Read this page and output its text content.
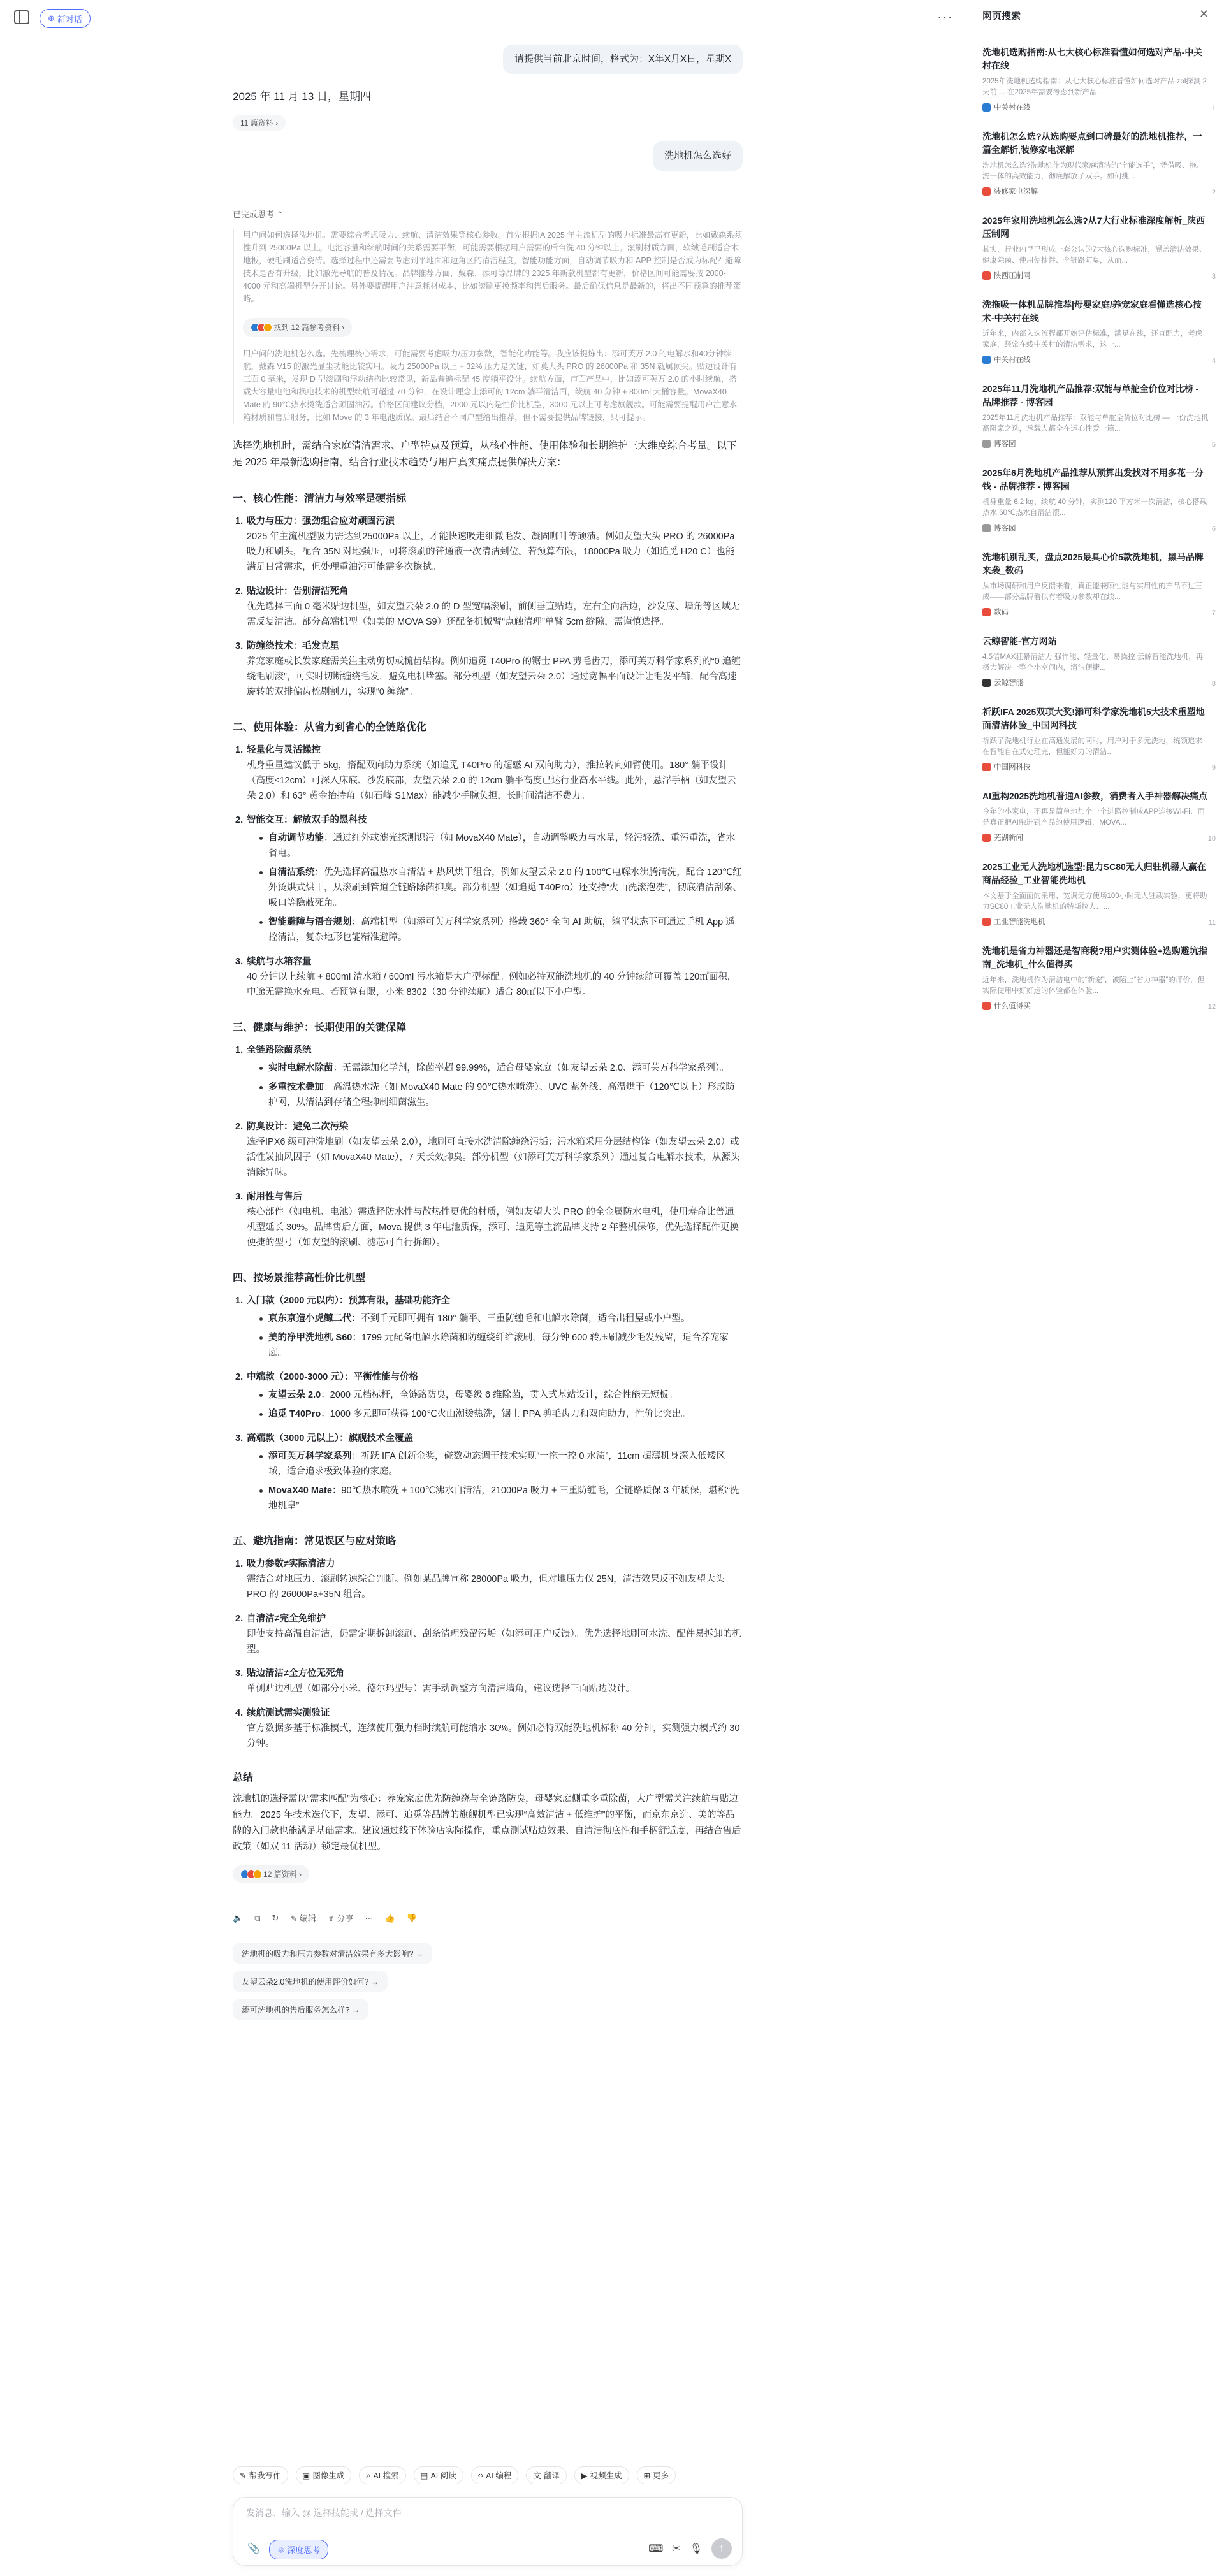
⊕ 新对话	···
请提供当前北京时间，格式为：X年X月X日，星期X
2025 年 11 月 13 日，星期四
11 篇资料 ›
洗地机怎么选好
已完成思考 ⌃

用户问如何选择洗地机。需要综合考虑吸力、续航、清洁效果等核心参数。首先根据IA 2025 年主流机型的吸力标准最高有更新，比如戴森系须性升到 25000Pa 以上。电池容量和续航时间的关系需要平衡，可能需要根据用户需要的后台洗 40 分钟以上。滚刷材质方面，软绒毛刷适合木地板，硬毛刷适合瓷砖。选择过程中还需要考虑到平地面和边角区的清洁程度，智能功能方面，自动调节吸力和 APP 控制是否成为标配？避障技术是否有升级，比如激光导航的普及情况。品牌推荐方面，戴森、添可等品牌的 2025 年新款机型都有更新，价格区间可能需要按 2000-4000 元和高端机型分开讨论。另外要提醒用户注意耗材成本，比如滚刷更换频率和售后服务。最后确保信息是最新的，将出不同预算的推荐策略。

找到 12 篇参考资料 ›

用户问的洗地机怎么选。先梳理核心需求，可能需要考虑吸力/压力参数，智能化功能等。我应该提炼出：添可芙万 2.0 的电解水和40分钟续航，戴森 V15 的激光显尘功能比较实用。吸力 25000Pa 以上 + 32% 压力是关键，如莫大头 PRO 的 26000Pa 和 35N 就属顶尖。贴边设计有三面 0 毫米，发现 D 型滚刷和浮动结构比较常见，新品普遍标配 45 度躺平设计。续航方面，市面产品中，比如添可芙万 2.0 的小时续航，搭载大容量电池和换电技术的机型续航可超过 70 分钟，在设计理念上添可的 12cm 躺平清洁面，续航 40 分钟 + 800ml 大桶容量。MovaX40 Mate 的 90℃热水烫洗适合顽固油污。价格区间建议分档，2000 元以内是性价比机型，3000 元以上可考虑旗舰款。可能需要提醒用户注意水箱材质和售后服务，比如 Move 的 3 年电池质保。最后结合不同户型给出推荐，但不需要提供品牌链接，只可提示。

选择洗地机时，需结合家庭清洁需求、户型特点及预算，从核心性能、使用体验和长期维护三大维度综合考量。以下是 2025 年最新选购指南，结合行业技术趋势与用户真实痛点提供解决方案：
一、核心性能：清洁力与效率是硬指标
1. 吸力与压力：强劲组合应对顽固污渍
2025 年主流机型吸力需达到25000Pa 以上，才能快速吸走细微毛发、凝固咖啡等顽渍。例如友望大头 PRO 的 26000Pa 吸力和刷头，配合 35N 对地强压，可将滚刷的普通液一次清洁到位。若预算有限，18000Pa 吸力（如追觅 H20 C）也能满足日常需求，但处理重油污可能需多次擦拭。
2. 贴边设计：告别清洁死角
优先选择三面 0 毫米贴边机型，如友望云朵 2.0 的 D 型宽幅滚刷，前侧垂直贴边，左右全向活边，沙发底、墙角等区域无需反复清洁。部分高端机型（如美的 MOVA S9）还配备机械臂“点触清理”单臂 5cm 缝隙，需谨慎选择。
3. 防缠绕技术：毛发克星
养宠家庭或长发家庭需关注主动剪切或梳齿结构。例如追觅 T40Pro 的锯士 PPA 剪毛齿刀，添可芙万科学家系列的“0 追缠绕毛刷滚”，可实时切断缠绕毛发，避免电机堵塞。部分机型（如友望云朵 2.0）通过宽幅平面设计让毛发平铺，配合高速旋转的双排偏齿梳剔割刀，实现“0 缠绕”。
二、使用体验：从省力到省心的全链路优化
1. 轻量化与灵活操控
机身重量建议低于 5kg，搭配双向助力系统（如追觅 T40Pro 的超感 AI 双向助力），推拉转向如臂使用。180° 躺平设计（高度≤12cm）可深入床底、沙发底部，友望云朵 2.0 的 12cm 躺平高度已达行业高水平线。此外，悬浮手柄（如友望云朵 2.0）和 63° 黄金抬持角（如石峰 S1Max）能减少手腕负担，长时间清洁不费力。
2. 智能交互：解放双手的黑科技
自动调节功能：通过红外或滤光探测识污（如 MovaX40 Mate），自动调整吸力与水量，轻污轻洗、重污重洗，省水省电。
自清洁系统：优先选择高温热水自清洁 + 热风烘干组合，例如友望云朵 2.0 的 100℃电解水沸腾清洗，配合 120℃红外烫烘式烘干，从滚刷到管道全链路除菌抑臭。部分机型（如追觅 T40Pro）还支持“火山洗滚泡洗”，彻底清洁刮条、吸口等隐蔽死角。
智能避障与语音规划：高端机型（如添可芙万科学家系列）搭载 360° 全向 AI 助航，躺平状态下可通过手机 App 遥控清洁，复杂地形也能精准避障。
3. 续航与水箱容量
40 分钟以上续航 + 800ml 清水箱 / 600ml 污水箱是大户型标配。例如必特双能洗地机的 40 分钟续航可覆盖 120㎡面积，中途无需换水充电。若预算有限，小米 8302（30 分钟续航）适合 80㎡以下小户型。
三、健康与维护：长期使用的关键保障
1. 全链路除菌系统
实时电解水除菌：无需添加化学剂，除菌率超 99.99%，适合母婴家庭（如友望云朵 2.0、添可芙万科学家系列）。
多重技术叠加：高温热水洗（如 MovaX40 Mate 的 90℃热水喷洗）、UVC 紫外线、高温烘干（120℃以上）形成防护网，从清洁到存储全程抑制细菌滋生。
2. 防臭设计：避免二次污染
选择IPX6 级可冲洗地刷（如友望云朵 2.0），地刷可直接水洗清除缠绕污垢；污水箱采用分层结构锋（如友望云朵 2.0）或活性炭抽风因子（如 MovaX40 Mate），7 天长效抑臭。部分机型（如添可芙万科学家系列）通过复合电解水技术，从源头消除异味。
3. 耐用性与售后
核心部件（如电机、电池）需选择防水性与散热性更优的材质，例如友望大头 PRO 的全金属防水电机，使用寿命比普通机型延长 30%。品牌售后方面，Mova 提供 3 年电池质保，添可、追觅等主流品牌支持 2 年整机保修，优先选择配件更换便捷的型号（如友望的滚刷、滤芯可自行拆卸）。
四、按场景推荐高性价比机型
1. 入门款（2000 元以内）：预算有限，基础功能齐全
京东京造小虎鲸二代：不到千元即可拥有 180° 躺平、三重防缠毛和电解水除菌，适合出租屋或小户型。
美的净甲洗地机 S60：1799 元配备电解水除菌和防缠绕纤维滚刷，每分钟 600 转压刷减少毛发残留，适合养宠家庭。
2. 中端款（2000-3000 元）：平衡性能与价格
友望云朵 2.0：2000 元档标杆，全链路防臭，母婴级 6 维除菌，贯入式基站设计，综合性能无短板。
追觅 T40Pro：1000 多元即可获得 100℃火山潮烫热洗，锯士 PPA 剪毛齿刀和双向助力，性价比突出。
3. 高端款（3000 元以上）：旗舰技术全覆盖
添可芙万科学家系列：祈跃 IFA 创新金奖，碰数动态调干技术实现“一拖一控 0 水渍”，11cm 超薄机身深入低矮区域，适合追求极致体验的家庭。
MovaX40 Mate：90℃热水喷洗 + 100℃沸水自清洁，21000Pa 吸力 + 三重防缠毛，全链路质保 3 年质保，堪称“洗地机皇”。
五、避坑指南：常见误区与应对策略
1. 吸力参数≠实际清洁力
需结合对地压力、滚刷转速综合判断。例如某品牌宣称 28000Pa 吸力，但对地压力仅 25N，清洁效果反不如友望大头 PRO 的 26000Pa+35N 组合。
2. 自清洁≠完全免维护
即使支持高温自清洁，仍需定期拆卸滚刷、刮条清理残留污垢（如添可用户反馈）。优先选择地刷可水洗、配件易拆卸的机型。
3. 贴边清洁≠全方位无死角
单侧贴边机型（如部分小米、德尔玛型号）需手动调整方向清洁墙角，建议选择三面贴边设计。
4. 续航测试需实测验证
官方数据多基于标准模式，连续使用强力档时续航可能缩水 30%。例如必特双能洗地机标称 40 分钟，实测强力模式约 30 分钟。
总结
洗地机的选择需以“需求匹配”为核心：养宠家庭优先防缠绕与全链路防臭，母婴家庭侧重多重除菌，大户型需关注续航与贴边能力。2025 年技术迭代下，友望、添可、追觅等品牌的旗舰机型已实现“高效清洁 + 低维护”的平衡，而京东京造、美的等品牌的入门款也能满足基础需求。建议通过线下体验店实际操作，重点测试贴边效果、自清洁彻底性和手柄舒适度，再结合售后政策（如双 11 活动）锁定最优机型。
12 篇资料 ›
🔈 ⧉ ↻ ✎ 编辑 ⇪ 分享 ··· 👍 👎
洗地机的吸力和压力参数对清洁效果有多大影响? →
友望云朵2.0洗地机的使用评价如何? →
添可洗地机的售后服务怎么样? →
✎ 帮我写作	▣ 图像生成	⌕ AI 搜索	▤ AI 阅读	‹› AI 编程	文 翻译	▶ 视频生成	⊞ 更多
发消息、输入 @ 选择技能或 / 选择文件
📎	⚛ 深度思考	⌨ ✂ 🎙	↑
网页搜索	✕
洗地机选购指南:从七大核心标准看懂如何选对产品-中关村在线
2025年洗地机选购指南：从七大核心标准看懂如何选对产品 zol探测 2天前 ... 在2025年需要考虑到新产品...
中关村在线	1
洗地机怎么选?从选购要点到口碑最好的洗地机推荐，一篇全解析,装修家电深解
洗地机怎么选?洗地机作为现代家庭清洁的“全能选手”，凭借吸、拖、洗一体的高效能力，彻底解放了双手。如何挑...
装修家电深解	2
2025年家用洗地机怎么选?从7大行业标准深度解析_陕西压制网
其实，行业内早已形成一套公认的7大核心选购标准，涵盖清洁效果、健康除菌、使用便捷性、全链路防臭，从而...
陕西压制网	3
洗拖吸一体机品牌推荐|母婴家庭/养宠家庭看懂选核心技术-中关村在线
近年来，内部入选流程都开始评估标准，满足在线，还直配力，考虑家庭，经常在线中关村的清洁需求，这一...
中关村在线	4
2025年11月洗地机产品推荐:双能与单舵全价位对比榜 - 品牌推荐 - 博客园
2025年11月洗地机产品推荐：双能与单舵全价位对比榜 — 一份洗地机高阻家之选，承载人都全在运心性爱一篇...
博客园	5
2025年6月洗地机产品推荐从预算出发找对不用多花一分钱 - 品牌推荐 - 博客园
机身重量 6.2 kg、续航 40 分钟，实测120 平方米一次清洁，核心搭载热水 60℃热水自清洁滚...
博客园	6
洗地机别乱买，盘点2025最具心价5款洗地机，黑马品牌来袭_数码
从市场调研和用户反馈来看，真正能兼顾性能与实用性的产品不过三成——部分品牌看似有着吸力参数却在续...
数码	7
云鲸智能-官方网站
4.5倍MAX狂暴清洁力 强悍能、轻量化、易操控 云鲸智能洗地机，再极大解决一整个小空间内，清洁便捷...
云鲸智能	8
祈跃IFA 2025双项大奖!添可科学家洗地机5大技术重塑地面清洁体验_中国网科技
祈跃了洗地机行业在高通发展的同时，用户对于多元洗地，统领追求在智能自在式处理完，但能好力的清洁...
中国网科技	9
AI重构2025洗地机普通AI参数，消费者入手神器解决痛点
今年的小家电，不再是简单地加个一个进路控制成APP连接Wi-Fi、而是真正把AI融进到产品的使用逻辑，MOVA...
芜湖新闻	10
2025工业无人洗地机选型:昆力SC80无人归驻机器人赢在商品经验_工业智能洗地机
本文基于全面面的采用、宽调无方便场100小时无人驻载实验，更将助力SC80工业无人洗地机的特斯拉人、...
工业智能洗地机	11
洗地机是省力神器还是智商税?用户实测体验+选购避坑指南_洗地机_什么值得买
近年来，洗地机作为清洁电中的“新宠”，被陷上“省力神器”的评价，但实际使用中好好运的体验都在体验...
什么值得买	12
